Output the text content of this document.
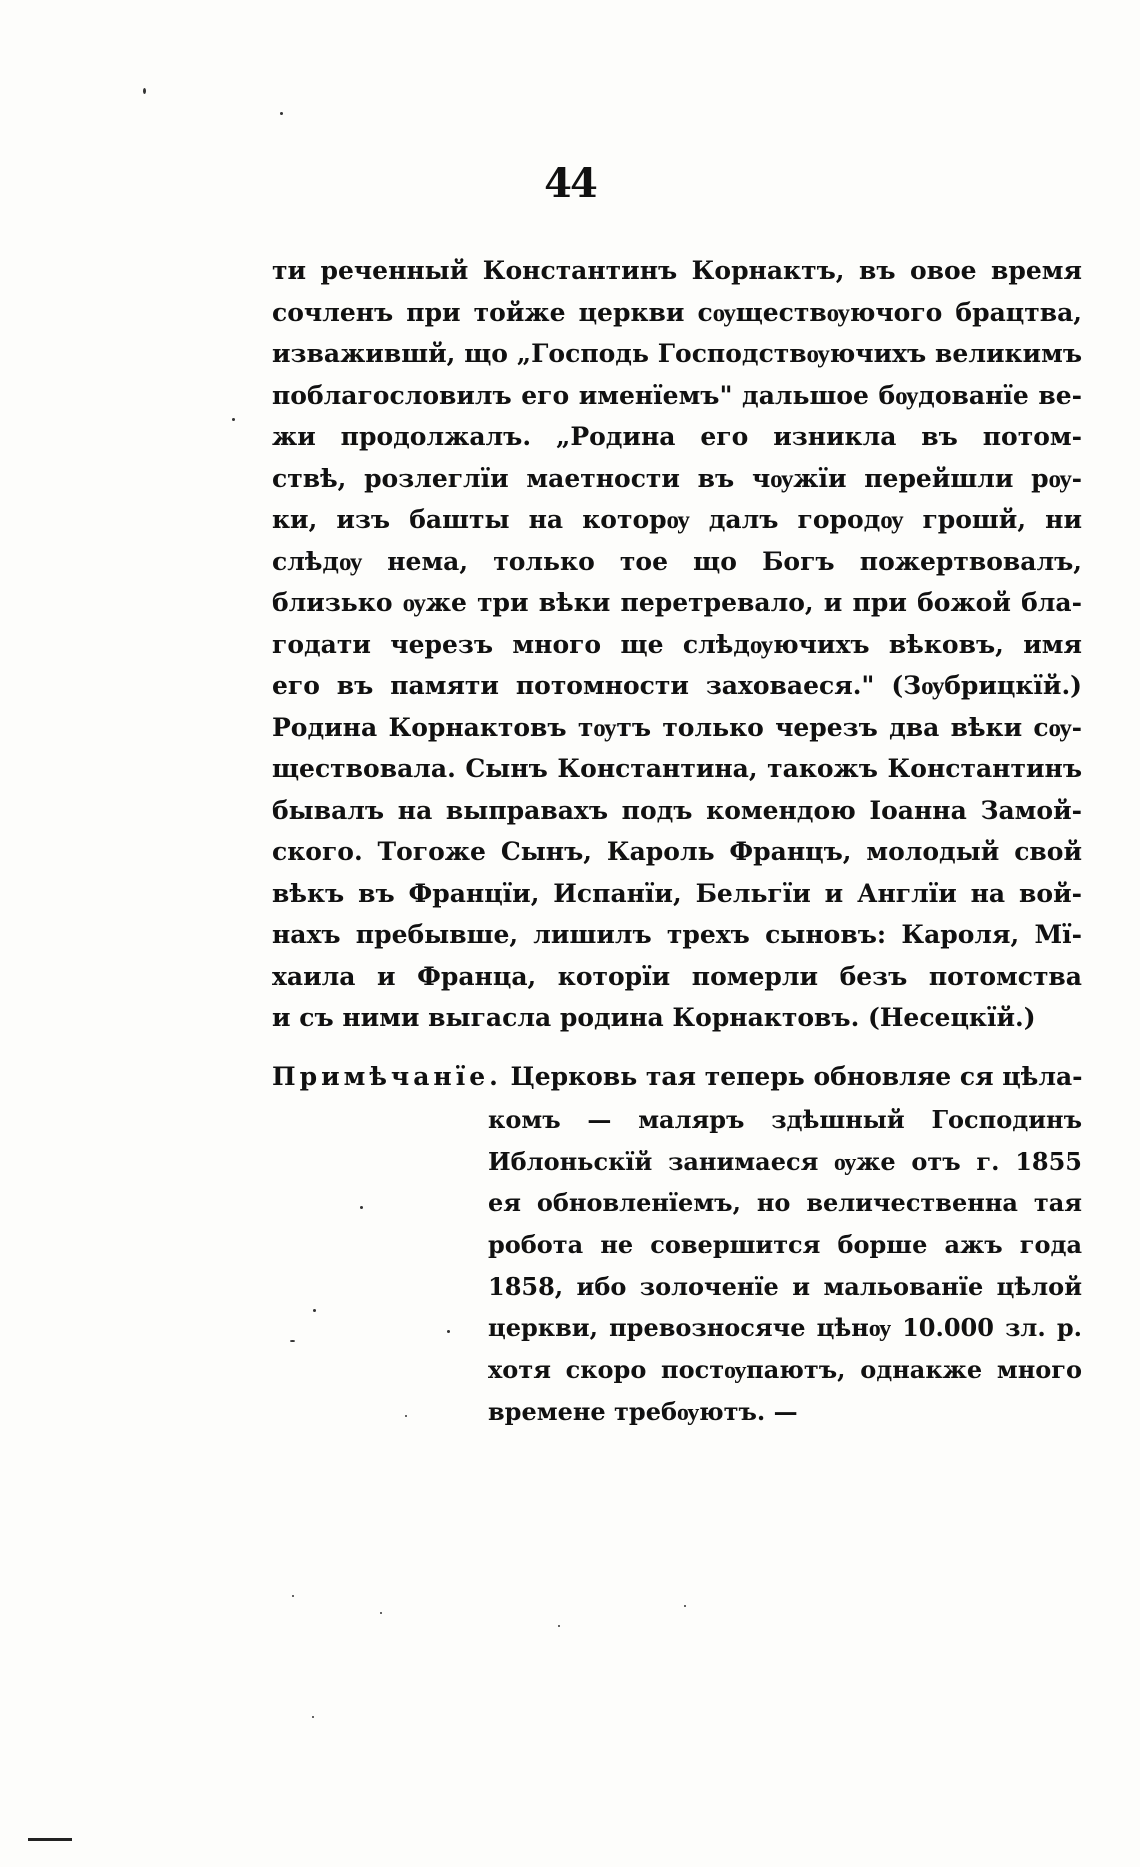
44
ти реченный Константинъ Корнактъ, въ овое время
сочленъ при тойже церкви сѹществѹючого брацтва,
изважившй, що „Господь Господствѹючихъ великимъ
поблагословилъ его именїемъ" дальшое бѹдованїе ве-
жи продолжалъ. „Родина его изникла въ потом-
ствѣ, розлеглїи маетности въ чѹжїи перейшли рѹ-
ки, изъ башты на которѹ далъ городѹ грошй, ни
слѣдѹ нема, только тое що Богъ пожертвовалъ,
близько ѹже три вѣки перетревало, и при божой бла-
годати черезъ много ще слѣдѹючихъ вѣковъ, имя
его въ памяти потомности заховаеся." (Зѹбрицкїй.)
Родина Корнактовъ тѹтъ только черезъ два вѣки сѹ-
ществовала. Сынъ Константина, такожъ Константинъ
бывалъ на выправахъ подъ комендою Іоанна Замой-
ского. Тогоже Сынъ, Кароль Францъ, молодый свой
вѣкъ въ Францїи, Испанїи, Бельгїи и Англїи на вой-
нахъ пребывше, лишилъ трехъ сыновъ: Кароля, Мї-
хаила и Франца, которїи померли безъ потомства
и съ ними выгасла родина Корнактовъ. (Несецкїй.)
Примѣчанїе. Церковь тая теперь обновляе ся цѣла-
комъ — маляръ здѣшный Господинъ
Иблоньскїй занимаеся ѹже отъ г. 1855
ея обновленїемъ, но величественна тая
робота не совершится борше ажъ года
1858, ибо золоченїе и мальованїе цѣлой
церкви, превозносяче цѣнѹ 10.000 зл. р.
хотя скоро постѹпаютъ, однакже много
времене требѹютъ. —
